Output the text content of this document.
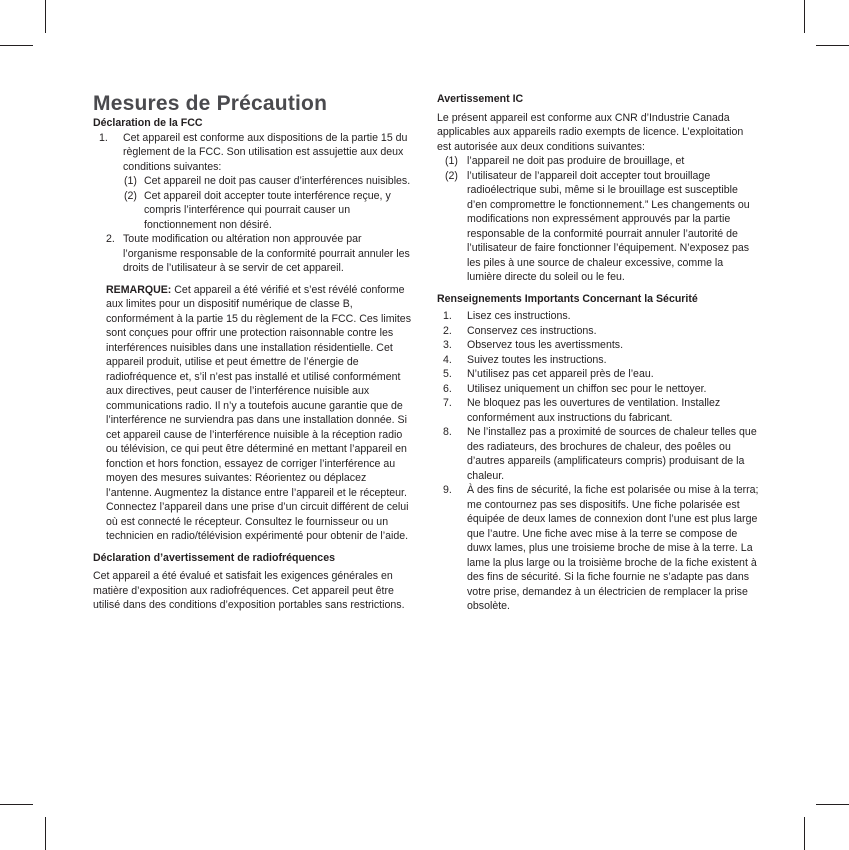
Mesures de Précaution
Déclaration de la FCC
1. Cet appareil est conforme aux dispositions de la partie 15 du règlement de la FCC. Son utilisation est assujettie aux deux conditions suivantes:
(1) Cet appareil ne doit pas causer d’interférences nuisibles.
(2) Cet appareil doit accepter toute interférence reçue, y compris l’interférence qui pourrait causer un fonctionnement non désiré.
2. Toute modification ou altération non approuvée par l’organisme responsable de la conformité pourrait annuler les droits de l’utilisateur à se servir de cet appareil.

REMARQUE: Cet appareil a été vérifié et s’est révélé conforme aux limites pour un dispositif numérique de classe B, conformément à la partie 15 du règlement de la FCC. Ces limites sont conçues pour offrir une protection raisonnable contre les interférences nuisibles dans une installation résidentielle. Cet appareil produit, utilise et peut émettre de l’énergie de radiofréquence et, s’il n’est pas installé et utilisé conformément aux directives, peut causer de l’interférence nuisible aux communications radio. Il n’y a toutefois aucune garantie que de l’interférence ne surviendra pas dans une installation donnée. Si cet appareil cause de l’interférence nuisible à la réception radio ou télévision, ce qui peut être déterminé en mettant l’appareil en fonction et hors fonction, essayez de corriger l’interférence au moyen des mesures suivantes: Réorientez ou déplacez l’antenne. Augmentez la distance entre l’appareil et le récepteur. Connectez l’appareil dans une prise d’un circuit différent de celui où est connecté le récepteur. Consultez le fournisseur ou un technicien en radio/télévision expérimenté pour obtenir de l’aide.

Déclaration d’avertissement de radiofréquences

Cet appareil a été évalué et satisfait les exigences générales en matière d’exposition aux radiofréquences. Cet appareil peut être utilisé dans des conditions d’exposition portables sans restrictions.

Avertissement IC

Le présent appareil est conforme aux CNR d’Industrie Canada applicables aux appareils radio exempts de licence. L’exploitation est autorisée aux deux conditions suivantes:

(1) l’appareil ne doit pas produire de brouillage, et
(2) l’utilisateur de l’appareil doit accepter tout brouillage radioélectrique subi, même si le brouillage est susceptible d’en compromettre le fonctionnement.” Les changements ou modifications non expressément approuvés par la partie responsable de la conformité pourrait annuler l’autorité de l’utilisateur de faire fonctionner l’équipement. N’exposez pas les piles à une source de chaleur excessive, comme la lumière directe du soleil ou le feu.
Renseignements Importants Concernant la Sécurité
1. Lisez ces instructions.
2. Conservez ces instructions.
3. Observez tous les avertissments.
4. Suivez toutes les instructions.
5. N’utilisez pas cet appareil près de l’eau.
6. Utilisez uniquement un chiffon sec pour le nettoyer.
7. Ne bloquez pas les ouvertures de ventilation. Installez conformément aux instructions du fabricant.
8. Ne l’installez pas a proximité de sources de chaleur telles que des radiateurs, des brochures de chaleur, des poêles ou d’autres appareils (amplificateurs compris) produisant de la chaleur.
9. À des fins de sécurité, la fiche est polarisée ou mise à la terra; me contournez pas ses dispositifs. Une fiche polarisée est équipée de deux lames de connexion dont l’une est plus large que l’autre. Une fiche avec mise à la terre se compose de duwx lames, plus une troisieme broche de mise à la terre. La lame la plus large ou la troisième broche de la fiche existent à des fins de sécurité. Si la fiche fournie ne s’adapte pas dans votre prise, demandez à un électricien de remplacer la prise obsolète.
